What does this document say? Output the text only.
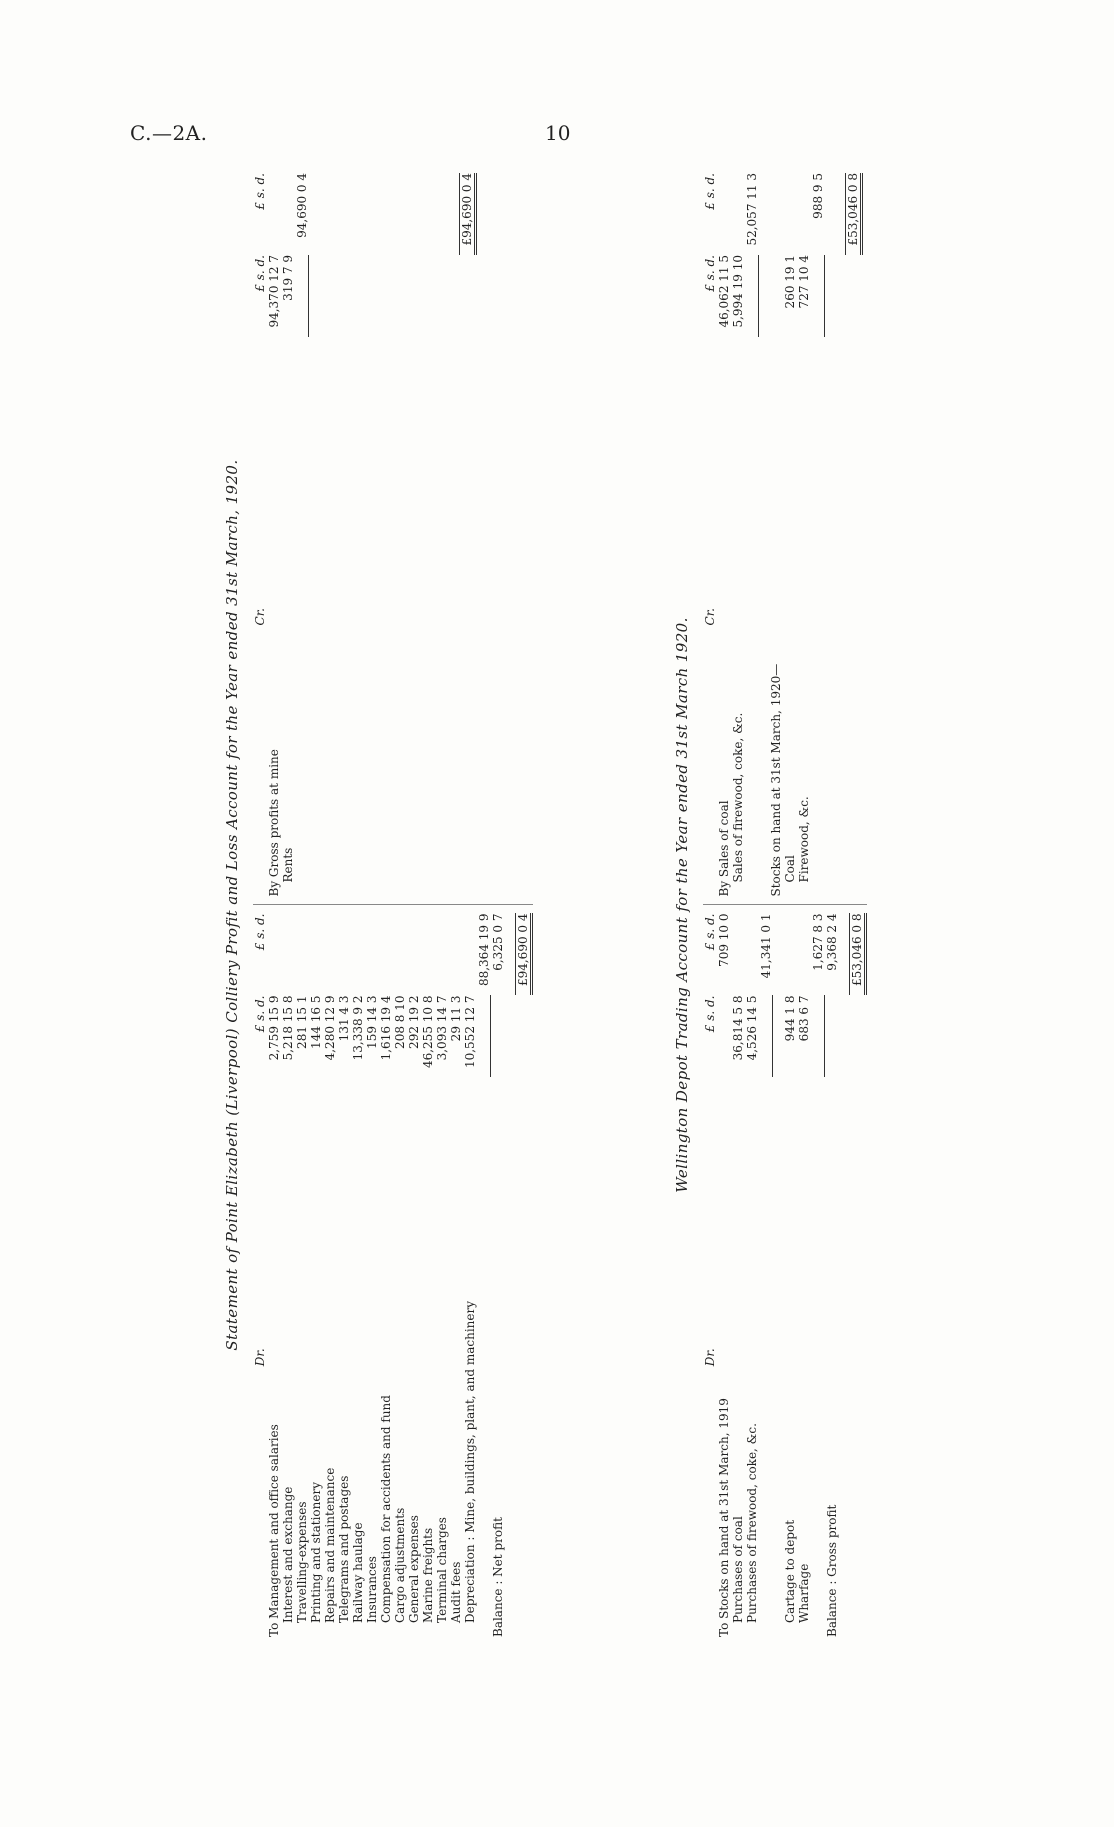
C.—2A.	10
Statement of Point Elizabeth (Liverpool) Colliery Profit and Loss Account for the Year ended 31st March, 1920.
Dr.
£ s. d.
£ s. d.
To Management and office salaries
2,759 15 9
Interest and exchange
5,218 15 8
Travelling-expenses
281 15 1
Printing and stationery
144 16 5
Repairs and maintenance
4,280 12 9
Telegrams and postages
131 4 3
Railway haulage
13,338 9 2
Insurances
159 14 3
Compensation for accidents and fund
1,616 19 4
Cargo adjustments
208 8 10
General expenses
292 19 2
Marine freights
46,255 10 8
Terminal charges
3,093 14 7
Audit fees
29 11 3
Depreciation : Mine, buildings, plant, and machinery
10,552 12 7
88,364 19 9
Balance : Net profit
6,325 0 7 £94,690 0 4
Cr.
£ s. d.
£ s. d.
By Gross profits at mine
94,370 12 7
Rents
319 7 9
94,690 0 4	£94,690 0 4
Wellington Depot Trading Account for the Year ended 31st March 1920.
Dr.
£ s. d.
£ s. d.
To Stocks on hand at 31st March, 1919
709 10 0
Purchases of coal
36,814 5 8
Purchases of firewood, coke, &c.
4,526 14 5
41,341 0 1
Cartage to depot
944 1 8
Wharfage
683 6 7
1,627 8 3
Balance : Gross profit
9,368 2 4 £53,046 0 8
Cr.
£ s. d.
£ s. d.
By Sales of coal
46,062 11 5
Sales of firewood, coke, &c.
5,994 19 10
52,057 11 3
Stocks on hand at 31st March, 1920— Coal
260 19 1
Firewood, &c.
727 10 4
988 9 5 £53,046 0 8
